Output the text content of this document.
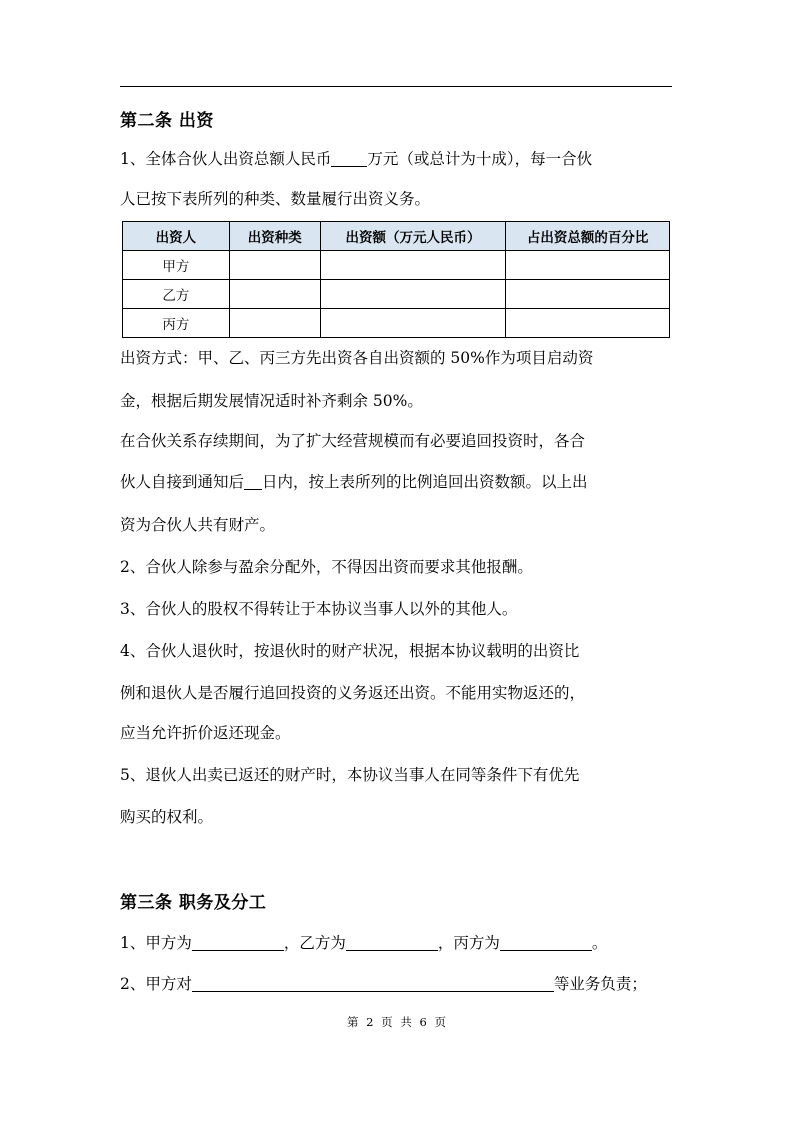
第二条 出资
1、全体合伙人出资总额人民币 万元（或总计为十成），每一合伙
人已按下表所列的种类、数量履行出资义务。
出资人	出资种类	出资额（万元人民币）	占出资总额的百分比
甲方			
乙方			
丙方			
出资方式：甲、乙、丙三方先出资各自出资额的 50%作为项目启动资
金，根据后期发展情况适时补齐剩余 50%。
在合伙关系存续期间，为了扩大经营规模而有必要追回投资时，各合
伙人自接到通知后 日内，按上表所列的比例追回出资数额。以上出
资为合伙人共有财产。
2、合伙人除参与盈余分配外，不得因出资而要求其他报酬。
3、合伙人的股权不得转让于本协议当事人以外的其他人。
4、合伙人退伙时，按退伙时的财产状况，根据本协议载明的出资比
例和退伙人是否履行追回投资的义务返还出资。不能用实物返还的，
应当允许折价返还现金。
5、退伙人出卖已返还的财产时，本协议当事人在同等条件下有优先
购买的权利。
第三条 职务及分工
1、甲方为	，乙方为	，丙方为	。
2、甲方对	等业务负责；
第 2 页 共 6 页
